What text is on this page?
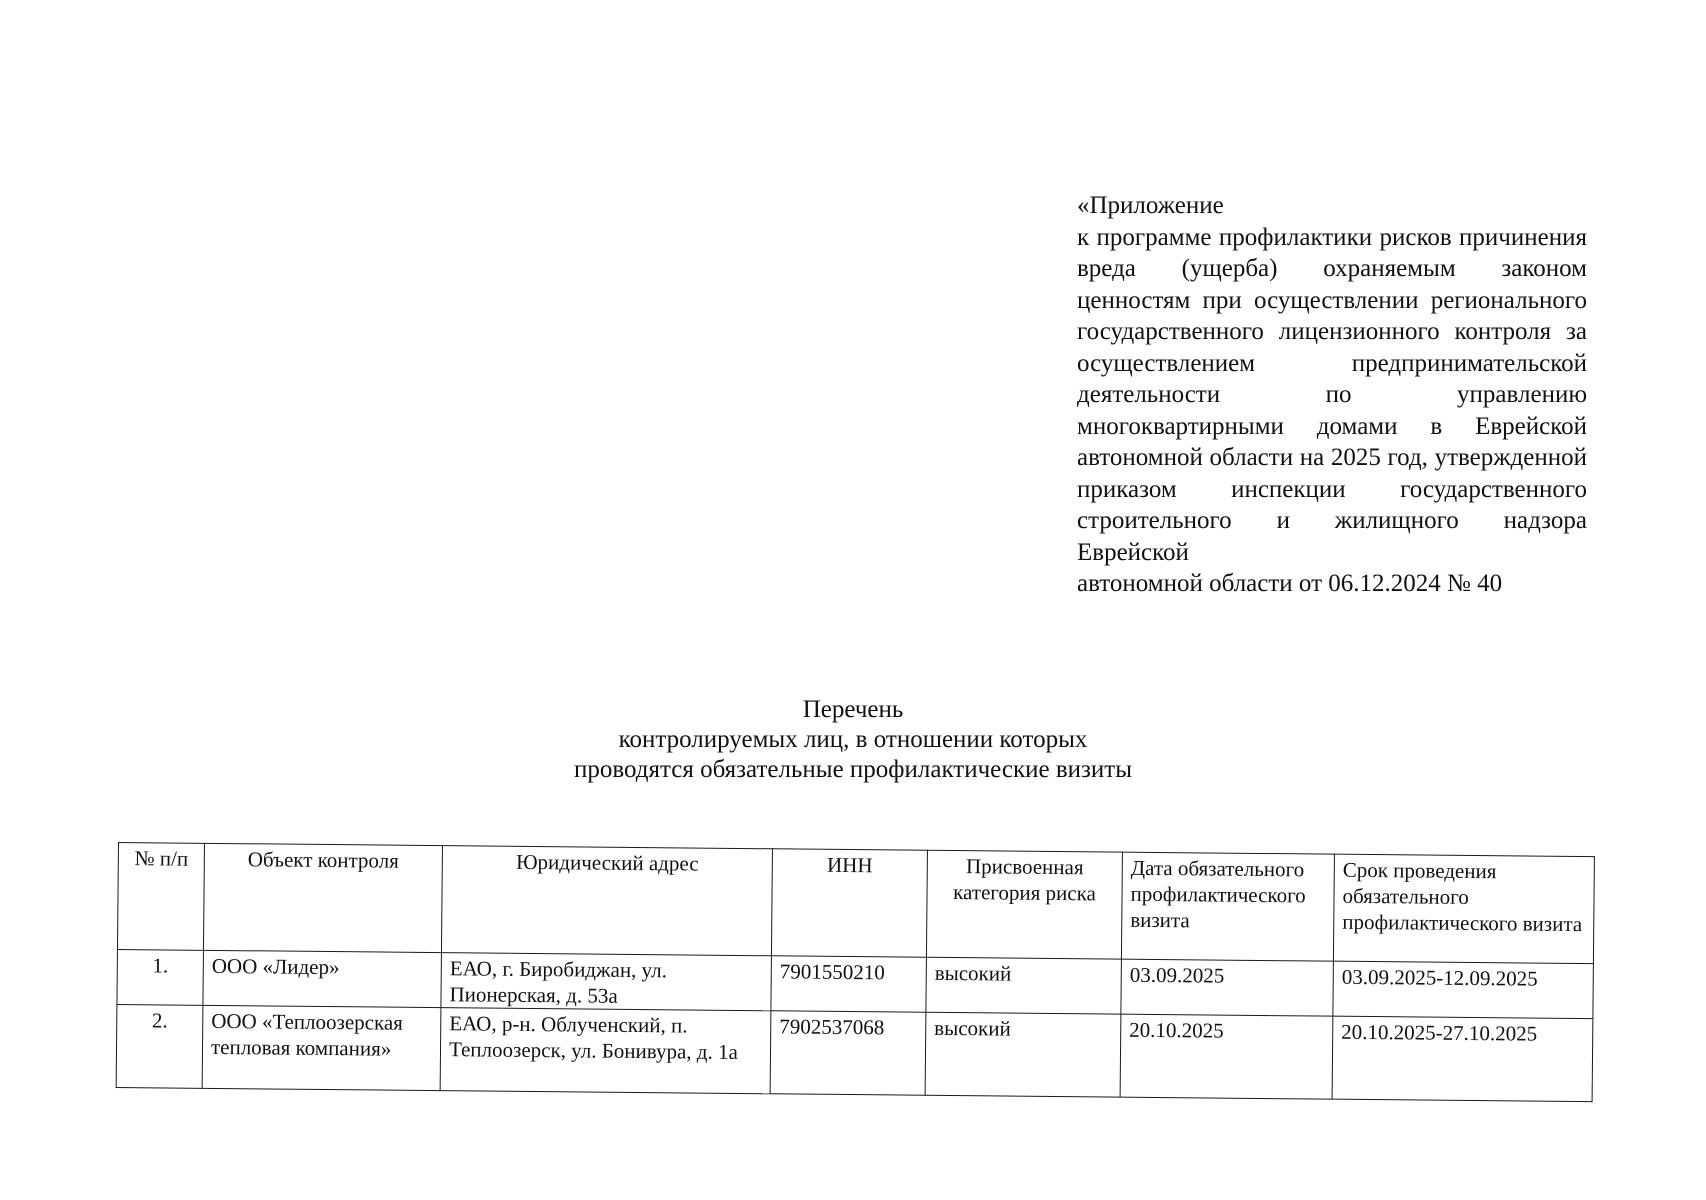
«Приложение
к программе профилактики рисков причинения вреда (ущерба) охраняемым законом ценностям при осуществлении регионального государственного лицензионного контроля за осуществлением предпринимательской деятельности по управлению многоквартирными домами в Еврейской автономной области на 2025 год, утвержденной приказом инспекции государственного строительного и жилищного надзора Еврейской
автономной области от 06.12.2024 № 40
Перечень
контролируемых лиц, в отношении которых
проводятся обязательные профилактические визиты
№ п/п	Объект контроля	Юридический адрес	ИНН	Присвоенная категория риска	Дата обязательного профилактического визита	Срок проведения обязательного профилактического визита
1.	ООО «Лидер»	ЕАО, г. Биробиджан, ул. Пионерская, д. 53а	7901550210	высокий	03.09.2025	03.09.2025-12.09.2025
2.	ООО «Теплоозерская тепловая компания»	ЕАО, р-н. Облученский, п. Теплоозерск, ул. Бонивура, д. 1а	7902537068	высокий	20.10.2025	20.10.2025-27.10.2025
